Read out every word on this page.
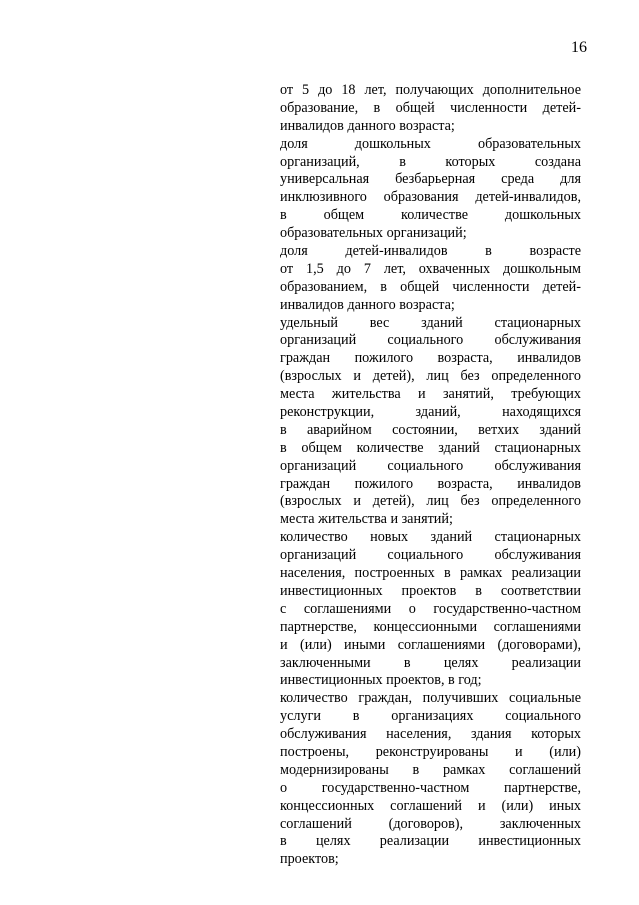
16
от 5 до 18 лет, получающих дополнительное
образование, в общей численности детей-
инвалидов данного возраста;
доля дошкольных образовательных
организаций, в которых создана
универсальная безбарьерная среда для
инклюзивного образования детей-инвалидов,
в общем количестве дошкольных
образовательных организаций;
доля детей-инвалидов в возрасте
от 1,5 до 7 лет, охваченных дошкольным
образованием, в общей численности детей-
инвалидов данного возраста;
удельный вес зданий стационарных
организаций социального обслуживания
граждан пожилого возраста, инвалидов
(взрослых и детей), лиц без определенного
места жительства и занятий, требующих
реконструкции, зданий, находящихся
в аварийном состоянии, ветхих зданий
в общем количестве зданий стационарных
организаций социального обслуживания
граждан пожилого возраста, инвалидов
(взрослых и детей), лиц без определенного
места жительства и занятий;
количество новых зданий стационарных
организаций социального обслуживания
населения, построенных в рамках реализации
инвестиционных проектов в соответствии
с соглашениями о государственно-частном
партнерстве, концессионными соглашениями
и (или) иными соглашениями (договорами),
заключенными в целях реализации
инвестиционных проектов, в год;
количество граждан, получивших социальные
услуги в организациях социального
обслуживания населения, здания которых
построены, реконструированы и (или)
модернизированы в рамках соглашений
о государственно-частном партнерстве,
концессионных соглашений и (или) иных
соглашений (договоров), заключенных
в целях реализации инвестиционных
проектов;
